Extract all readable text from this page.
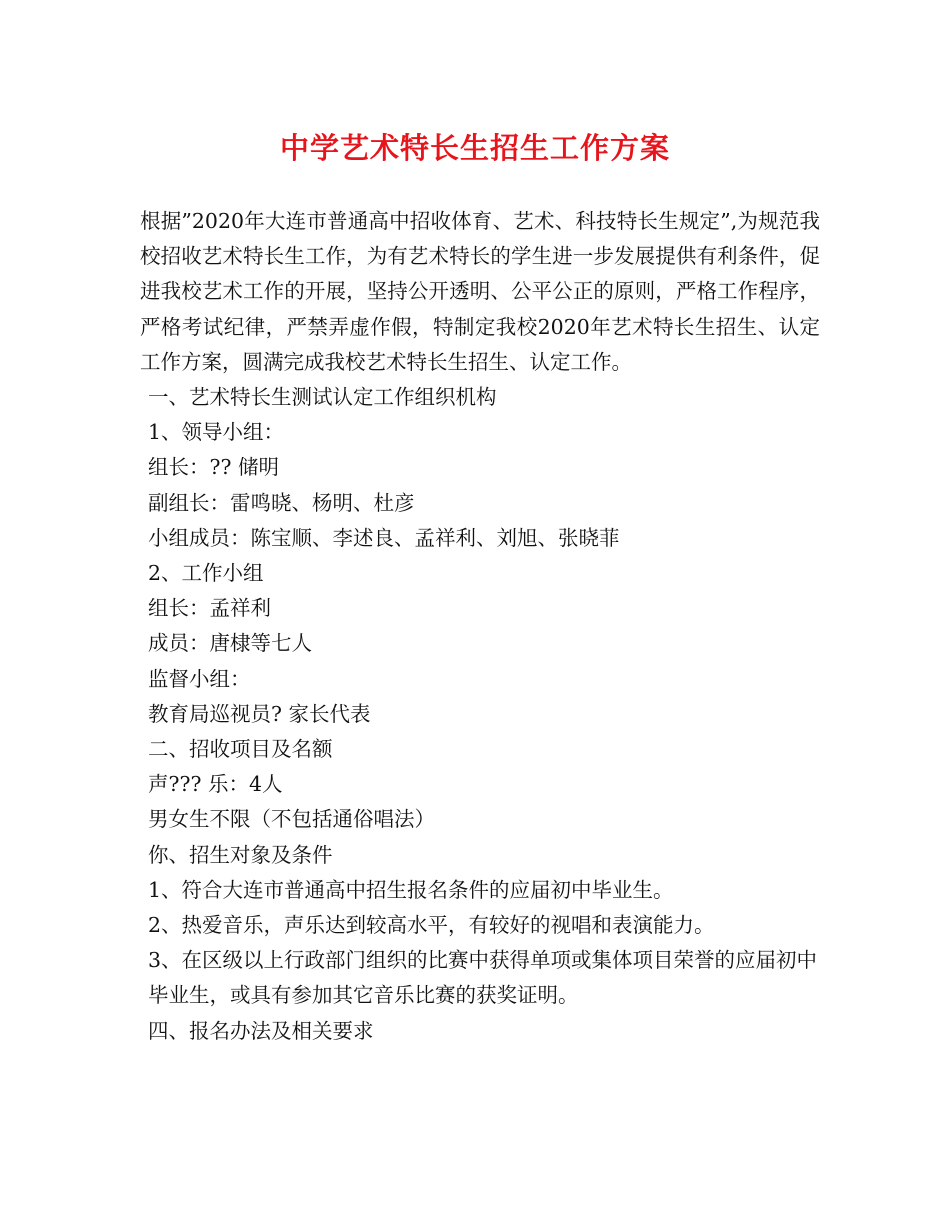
中学艺术特长生招生工作方案

根据”2020年大连市普通高中招收体育、艺术、科技特长生规定”,为规范我校招收艺术特长生工作，为有艺术特长的学生进一步发展提供有利条件，促进我校艺术工作的开展，坚持公开透明、公平公正的原则，严格工作程序，严格考试纪律，严禁弄虚作假，特制定我校2020年艺术特长生招生、认定工作方案，圆满完成我校艺术特长生招生、认定工作。

一、艺术特长生测试认定工作组织机构

1、领导小组：

组长：?? 储明

副组长：雷鸣晓、杨明、杜彦

小组成员：陈宝顺、李述良、孟祥利、刘旭、张晓菲

2、工作小组

组长：孟祥利

成员：唐棣等七人

监督小组：

教育局巡视员? 家长代表

二、招收项目及名额

声??? 乐：4人

男女生不限（不包括通俗唱法）

你、招生对象及条件

1、符合大连市普通高中招生报名条件的应届初中毕业生。

2、热爱音乐，声乐达到较高水平，有较好的视唱和表演能力。

3、在区级以上行政部门组织的比赛中获得单项或集体项目荣誉的应届初中毕业生，或具有参加其它音乐比赛的获奖证明。

四、报名办法及相关要求
